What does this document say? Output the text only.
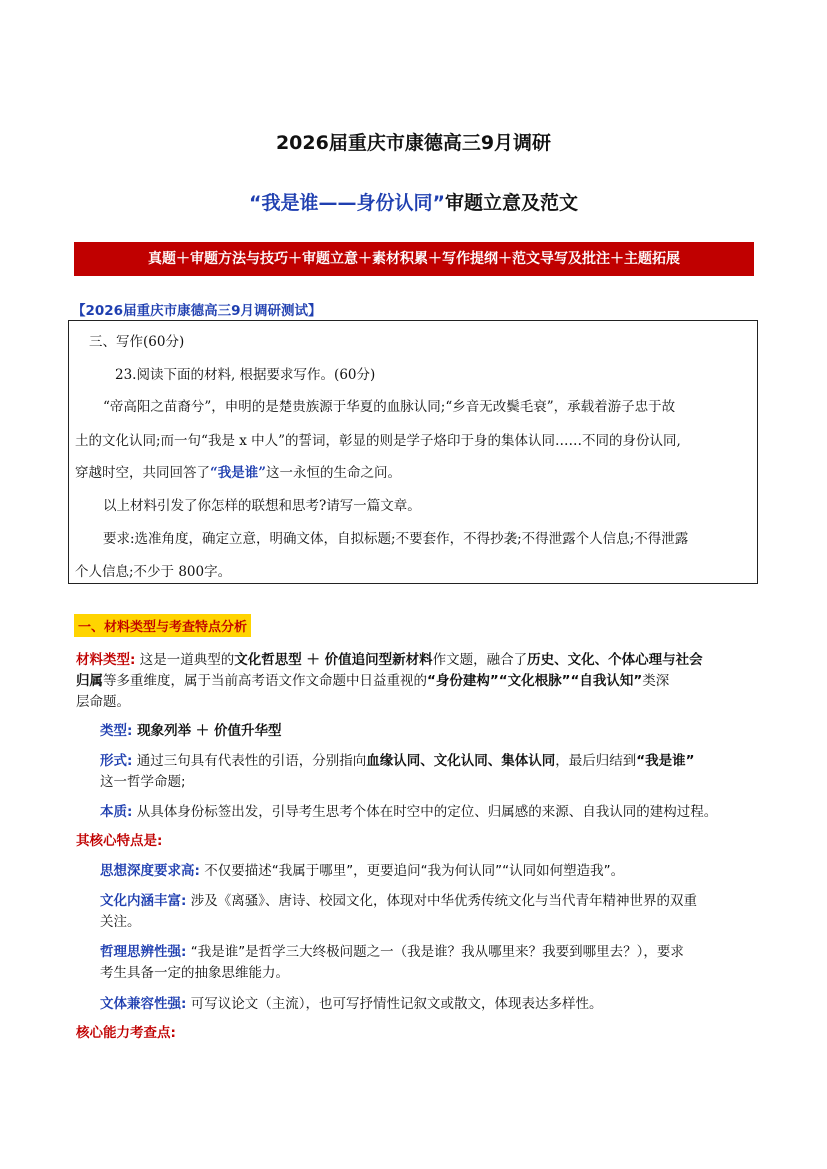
2026届重庆市康德高三9月调研
“我是谁——身份认同”审题立意及范文
真题＋审题方法与技巧＋审题立意＋素材积累＋写作提纲＋范文导写及批注＋主题拓展
【2026届重庆市康德高三9月调研测试】
三、写作(60分)
23.阅读下面的材料, 根据要求写作。(60分)
“帝高阳之苗裔兮”，申明的是楚贵族源于华夏的血脉认同;“乡音无改鬓毛衰”，承载着游子忠于故
土的文化认同;而一句“我是 x 中人”的誓词，彰显的则是学子烙印于身的集体认同……不同的身份认同,
穿越时空，共同回答了“我是谁”这一永恒的生命之问。
以上材料引发了你怎样的联想和思考?请写一篇文章。
要求:选准角度，确定立意，明确文体，自拟标题;不要套作，不得抄袭;不得泄露个人信息;不得泄露
个人信息;不少于 800字。
一、材料类型与考查特点分析
材料类型: 这是一道典型的文化哲思型 ＋ 价值追问型新材料作文题，融合了历史、文化、个体心理与社会
归属等多重维度，属于当前高考语文作文命题中日益重视的“身份建构”“文化根脉”“自我认知”类深
层命题。
类型: 现象列举 ＋ 价值升华型
形式: 通过三句具有代表性的引语，分别指向血缘认同、文化认同、集体认同，最后归结到“我是谁”
这一哲学命题;
本质: 从具体身份标签出发，引导考生思考个体在时空中的定位、归属感的来源、自我认同的建构过程。
其核心特点是:
思想深度要求高: 不仅要描述“我属于哪里”，更要追问“我为何认同”“认同如何塑造我”。
文化内涵丰富: 涉及《离骚》、唐诗、校园文化，体现对中华优秀传统文化与当代青年精神世界的双重
关注。
哲理思辨性强: “我是谁”是哲学三大终极问题之一（我是谁？我从哪里来？我要到哪里去？），要求
考生具备一定的抽象思维能力。
文体兼容性强: 可写议论文（主流），也可写抒情性记叙文或散文，体现表达多样性。
核心能力考查点:
